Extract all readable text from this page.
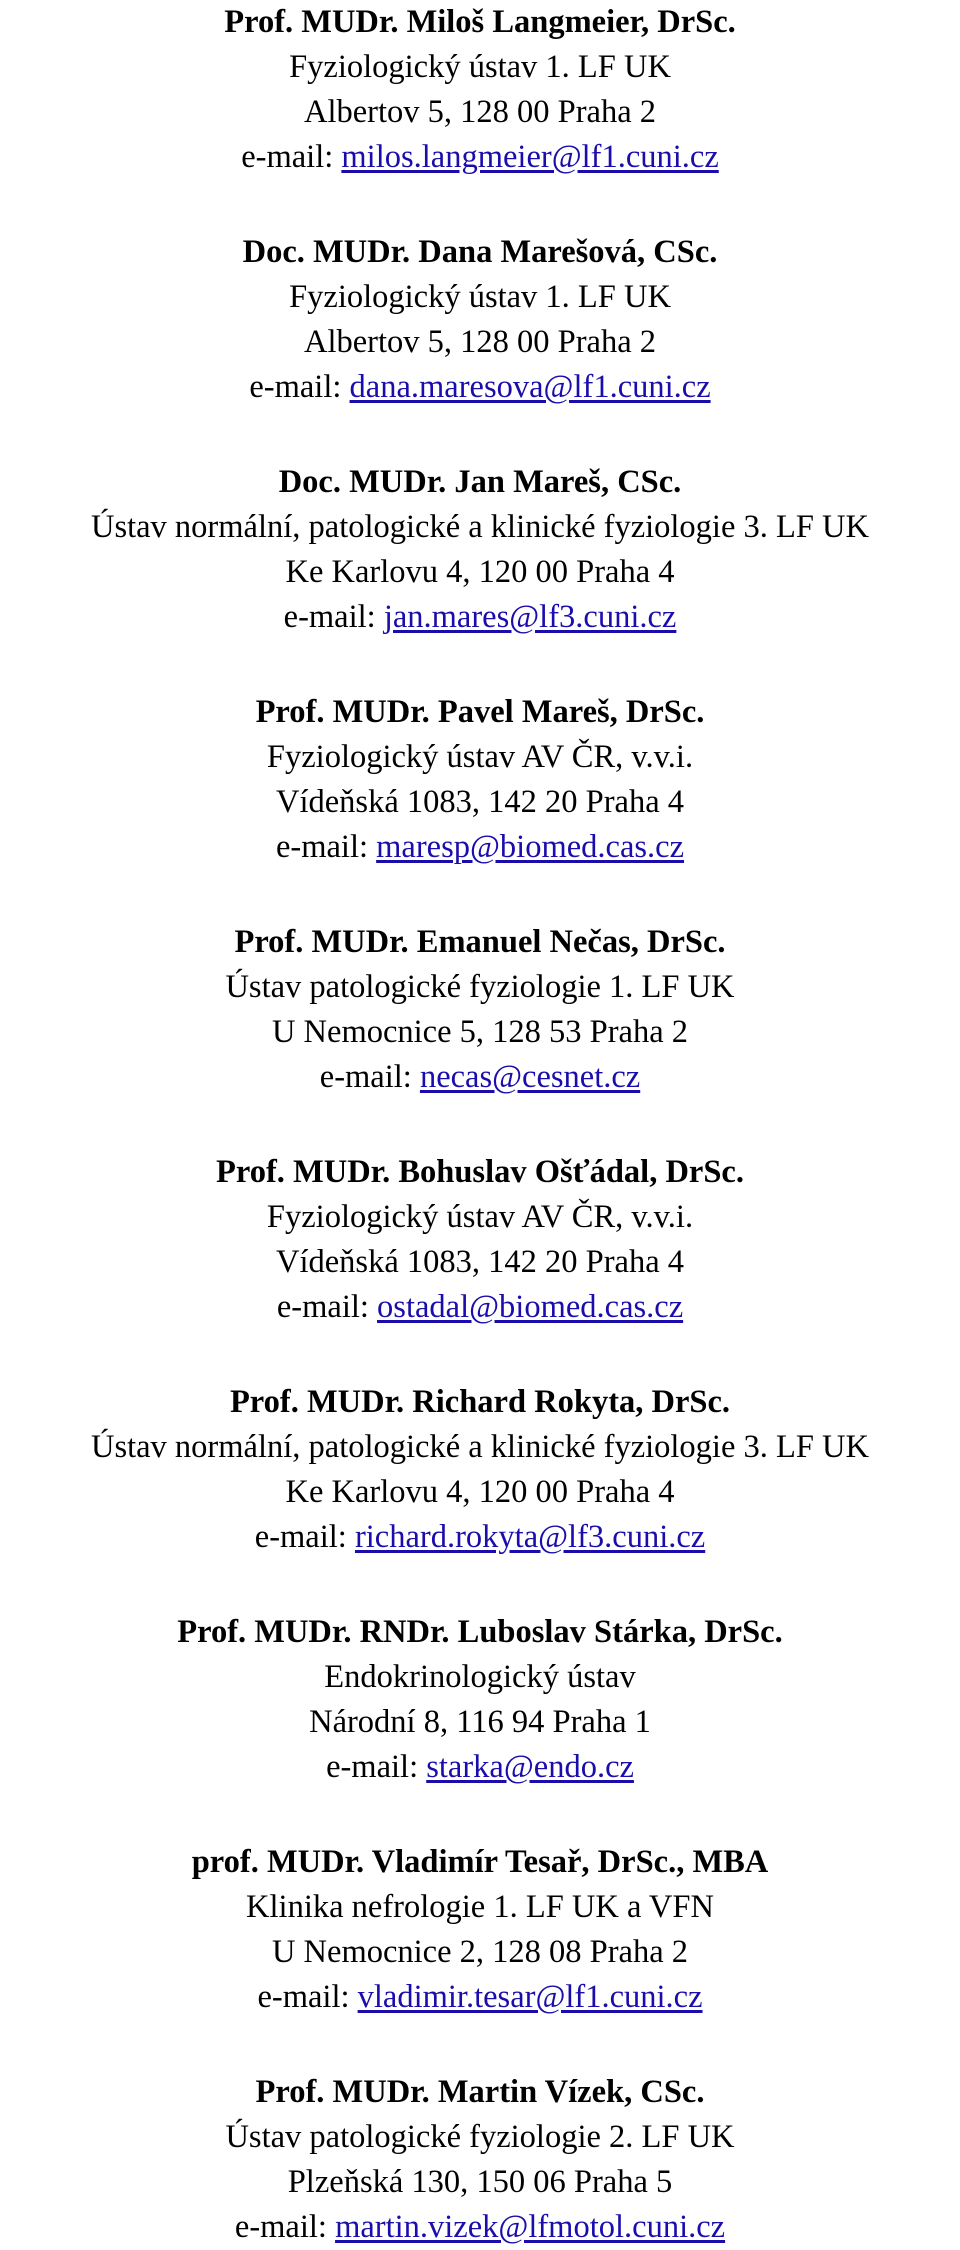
Prof. MUDr. Miloš Langmeier, DrSc.
Fyziologický ústav 1. LF UK
Albertov 5, 128 00 Praha 2
e-mail: milos.langmeier@lf1.cuni.cz
Doc. MUDr. Dana Marešová, CSc.
Fyziologický ústav 1. LF UK
Albertov 5, 128 00 Praha 2
e-mail: dana.maresova@lf1.cuni.cz
Doc. MUDr. Jan Mareš, CSc.
Ústav normální, patologické a klinické fyziologie 3. LF UK
Ke Karlovu 4, 120 00 Praha 4
e-mail: jan.mares@lf3.cuni.cz
Prof. MUDr. Pavel Mareš, DrSc.
Fyziologický ústav AV ČR, v.v.i.
Vídeňská 1083, 142 20 Praha 4
e-mail: maresp@biomed.cas.cz
Prof. MUDr. Emanuel Nečas, DrSc.
Ústav patologické fyziologie 1. LF UK
U Nemocnice 5, 128 53 Praha 2
e-mail: necas@cesnet.cz
Prof. MUDr. Bohuslav Ošťádal, DrSc.
Fyziologický ústav AV ČR, v.v.i.
Vídeňská 1083, 142 20 Praha 4
e-mail: ostadal@biomed.cas.cz
Prof. MUDr. Richard Rokyta, DrSc.
Ústav normální, patologické a klinické fyziologie 3. LF UK
Ke Karlovu 4, 120 00 Praha 4
e-mail: richard.rokyta@lf3.cuni.cz
Prof. MUDr. RNDr. Luboslav Stárka, DrSc.
Endokrinologický ústav
Národní 8, 116 94 Praha 1
e-mail: starka@endo.cz
prof. MUDr. Vladimír Tesař, DrSc., MBA
Klinika nefrologie 1. LF UK a VFN
U Nemocnice 2, 128 08 Praha 2
e-mail: vladimir.tesar@lf1.cuni.cz
Prof. MUDr. Martin Vízek, CSc.
Ústav patologické fyziologie 2. LF UK
Plzeňská 130, 150 06 Praha 5
e-mail: martin.vizek@lfmotol.cuni.cz
